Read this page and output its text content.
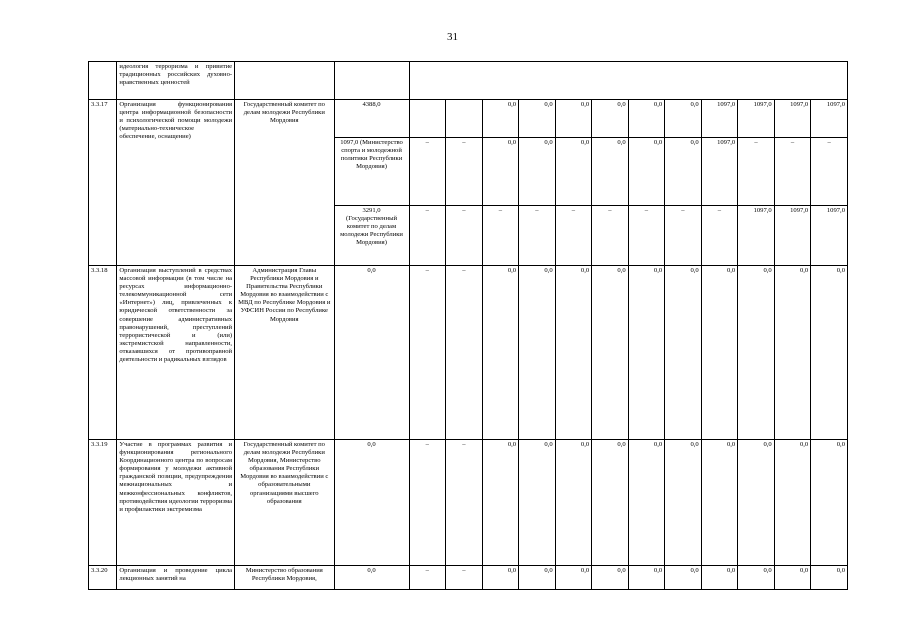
31
	идеология терроризма и привитие традиционных российских духовно-нравственных ценностей														
3.3.17	Организация функционирования центра информационной безопасности и психологической помощи молодежи (материально-техническое обеспечение, оснащение)	Государственный комитет по делам молодежи Республики Мордовия	4388,0			0,0	0,0	0,0	0,0	0,0	0,0	1097,0	1097,0	1097,0	1097,0
			1097,0 (Министерство спорта и молодежной политики Республики Мордовия)	–	–	0,0	0,0	0,0	0,0	0,0	0,0	1097,0	–	–	–
			3291,0 (Государственный комитет по делам молодежи Республики Мордовия)	–	–	–	–	–	–	–	–	–	1097,0	1097,0	1097,0
3.3.18	Организация выступлений в средствах массовой информации (в том числе на ресурсах информационно-телекоммуникационной сети «Интернет») лиц, привлеченных к юридической ответственности за совершение административных правонарушений, преступлений террористической и (или) экстремистской направленности, отказавшихся от противоправной деятельности и радикальных взглядов	Администрация Главы Республики Мордовия и Правительства Республики Мордовия во взаимодействии с МВД по Республике Мордовия и УФСИН России по Республике Мордовия	0,0	–	–	0,0	0,0	0,0	0,0	0,0	0,0	0,0	0,0	0,0	0,0
3.3.19	Участие в программах развития и функционирования регионального Координационного центра по вопросам формирования у молодежи активной гражданской позиции, предупреждения межнациональных и межконфессиональных конфликтов, противодействия идеологии терроризма и профилактики экстремизма	Государственный комитет по делам молодежи Республики Мордовия, Министерство образования Республики Мордовия во взаимодействии с образовательными организациями высшего образования	0,0	–	–	0,0	0,0	0,0	0,0	0,0	0,0	0,0	0,0	0,0	0,0
3.3.20	Организация и проведение цикла лекционных занятий на	Министерство образования Республики Мордовия,	0,0	–	–	0,0	0,0	0,0	0,0	0,0	0,0	0,0	0,0	0,0	0,0
